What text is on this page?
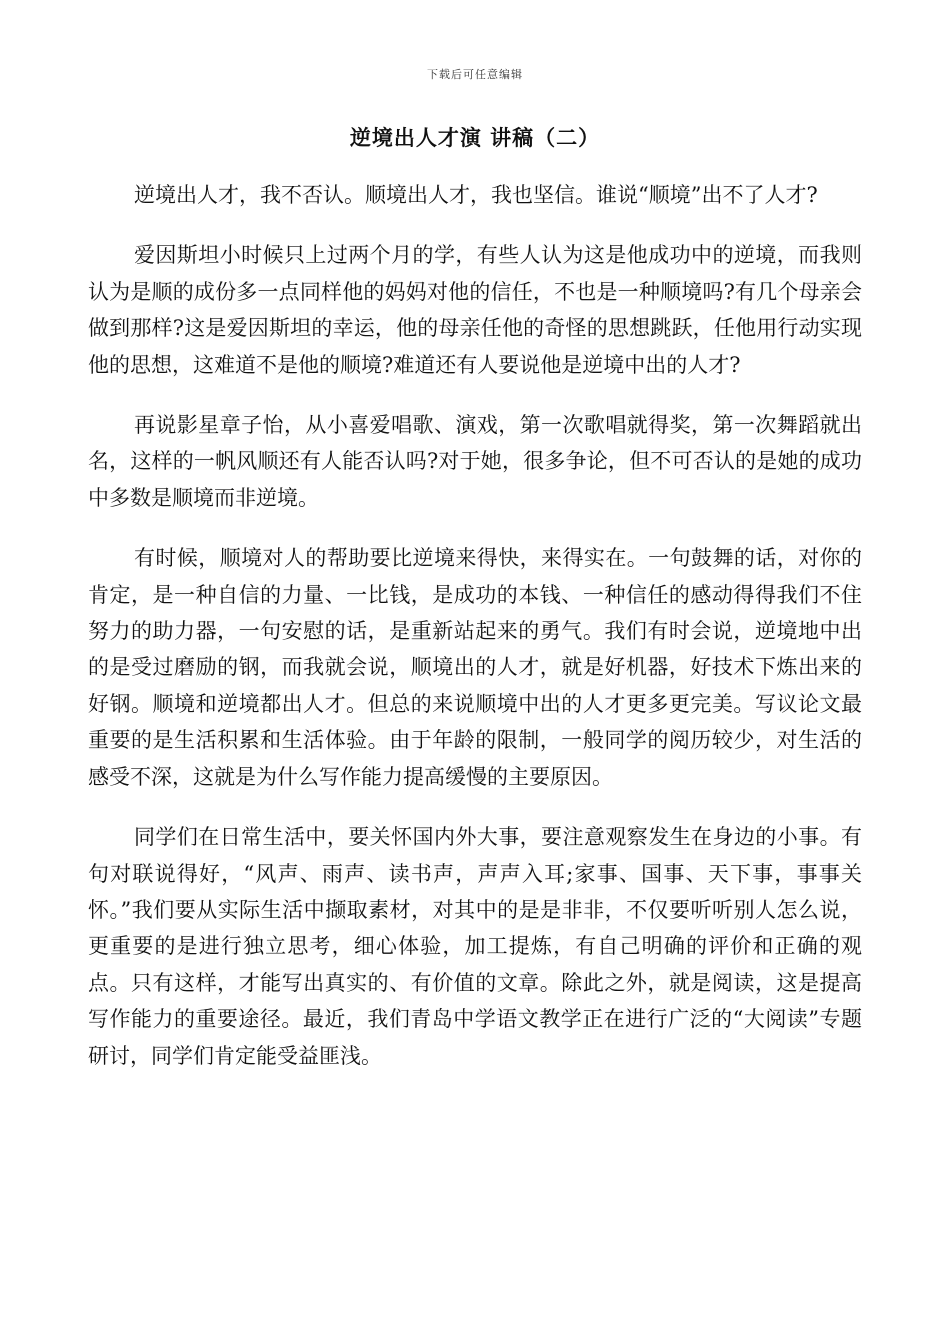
下载后可任意编辑
逆境出人才演 讲稿（二）

逆境出人才，我不否认。顺境出人才，我也坚信。谁说“顺境”出不了人才?

爱因斯坦小时候只上过两个月的学，有些人认为这是他成功中的逆境，而我则认为是顺的成份多一点同样他的妈妈对他的信任，不也是一种顺境吗?有几个母亲会做到那样?这是爱因斯坦的幸运，他的母亲任他的奇怪的思想跳跃，任他用行动实现他的思想，这难道不是他的顺境?难道还有人要说他是逆境中出的人才?

再说影星章子怡，从小喜爱唱歌、演戏，第一次歌唱就得奖，第一次舞蹈就出名，这样的一帆风顺还有人能否认吗?对于她，很多争论，但不可否认的是她的成功中多数是顺境而非逆境。

有时候，顺境对人的帮助要比逆境来得快，来得实在。一句鼓舞的话，对你的肯定，是一种自信的力量、一比钱，是成功的本钱、一种信任的感动得得我们不住努力的助力器，一句安慰的话，是重新站起来的勇气。我们有时会说，逆境地中出的是受过磨励的钢，而我就会说，顺境出的人才，就是好机器，好技术下炼出来的好钢。顺境和逆境都出人才。但总的来说顺境中出的人才更多更完美。写议论文最重要的是生活积累和生活体验。由于年龄的限制，一般同学的阅历较少，对生活的感受不深，这就是为什么写作能力提高缓慢的主要原因。

同学们在日常生活中，要关怀国内外大事，要注意观察发生在身边的小事。有句对联说得好，“风声、雨声、读书声，声声入耳;家事、国事、天下事，事事关怀。”我们要从实际生活中撷取素材，对其中的是是非非，不仅要听听别人怎么说，更重要的是进行独立思考，细心体验，加工提炼，有自己明确的评价和正确的观点。只有这样，才能写出真实的、有价值的文章。除此之外，就是阅读，这是提高写作能力的重要途径。最近，我们青岛中学语文教学正在进行广泛的“大阅读”专题研讨，同学们肯定能受益匪浅。
